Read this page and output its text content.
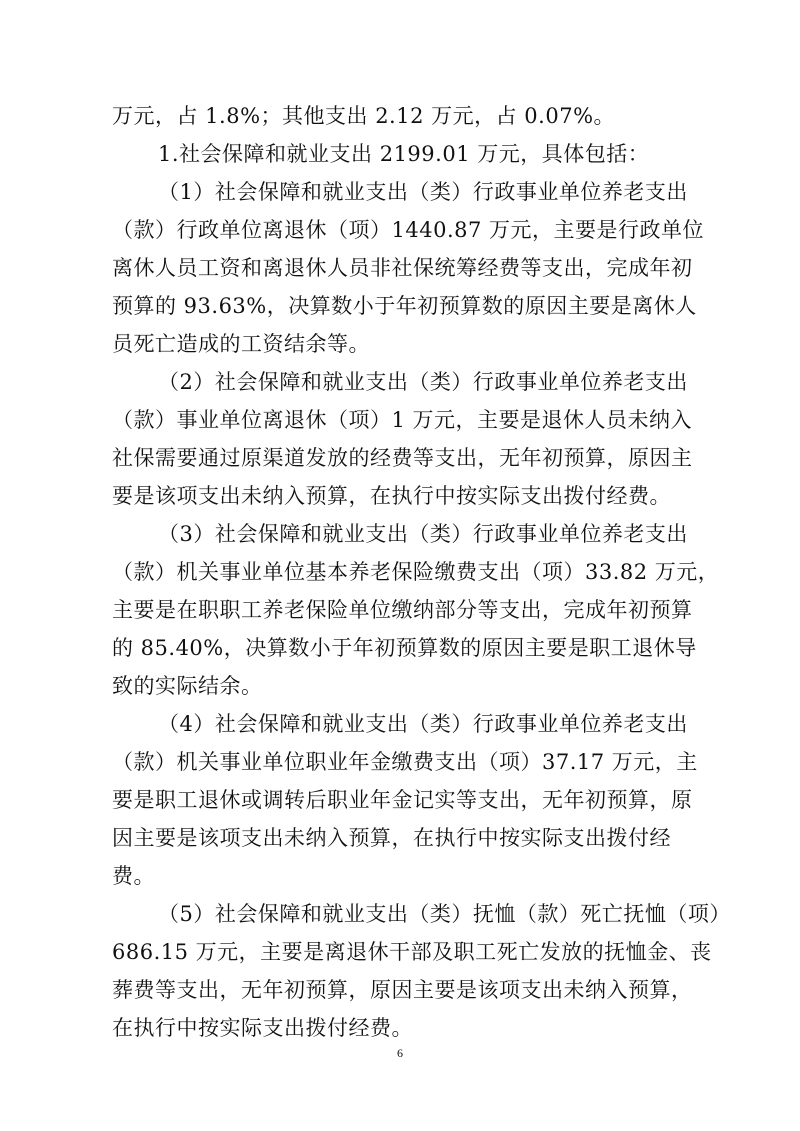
万元，占 1.8%；其他支出 2.12 万元，占 0.07%。
1.社会保障和就业支出 2199.01 万元，具体包括：
（1）社会保障和就业支出（类）行政事业单位养老支出
（款）行政单位离退休（项）1440.87 万元，主要是行政单位
离休人员工资和离退休人员非社保统筹经费等支出，完成年初
预算的 93.63%，决算数小于年初预算数的原因主要是离休人
员死亡造成的工资结余等。
（2）社会保障和就业支出（类）行政事业单位养老支出
（款）事业单位离退休（项）1 万元，主要是退休人员未纳入
社保需要通过原渠道发放的经费等支出，无年初预算，原因主
要是该项支出未纳入预算，在执行中按实际支出拨付经费。
（3）社会保障和就业支出（类）行政事业单位养老支出
（款）机关事业单位基本养老保险缴费支出（项）33.82 万元，
主要是在职职工养老保险单位缴纳部分等支出，完成年初预算
的 85.40%，决算数小于年初预算数的原因主要是职工退休导
致的实际结余。
（4）社会保障和就业支出（类）行政事业单位养老支出
（款）机关事业单位职业年金缴费支出（项）37.17 万元，主
要是职工退休或调转后职业年金记实等支出，无年初预算，原
因主要是该项支出未纳入预算，在执行中按实际支出拨付经
费。
（5）社会保障和就业支出（类）抚恤（款）死亡抚恤（项）
686.15 万元，主要是离退休干部及职工死亡发放的抚恤金、丧
葬费等支出，无年初预算，原因主要是该项支出未纳入预算，
在执行中按实际支出拨付经费。
6
